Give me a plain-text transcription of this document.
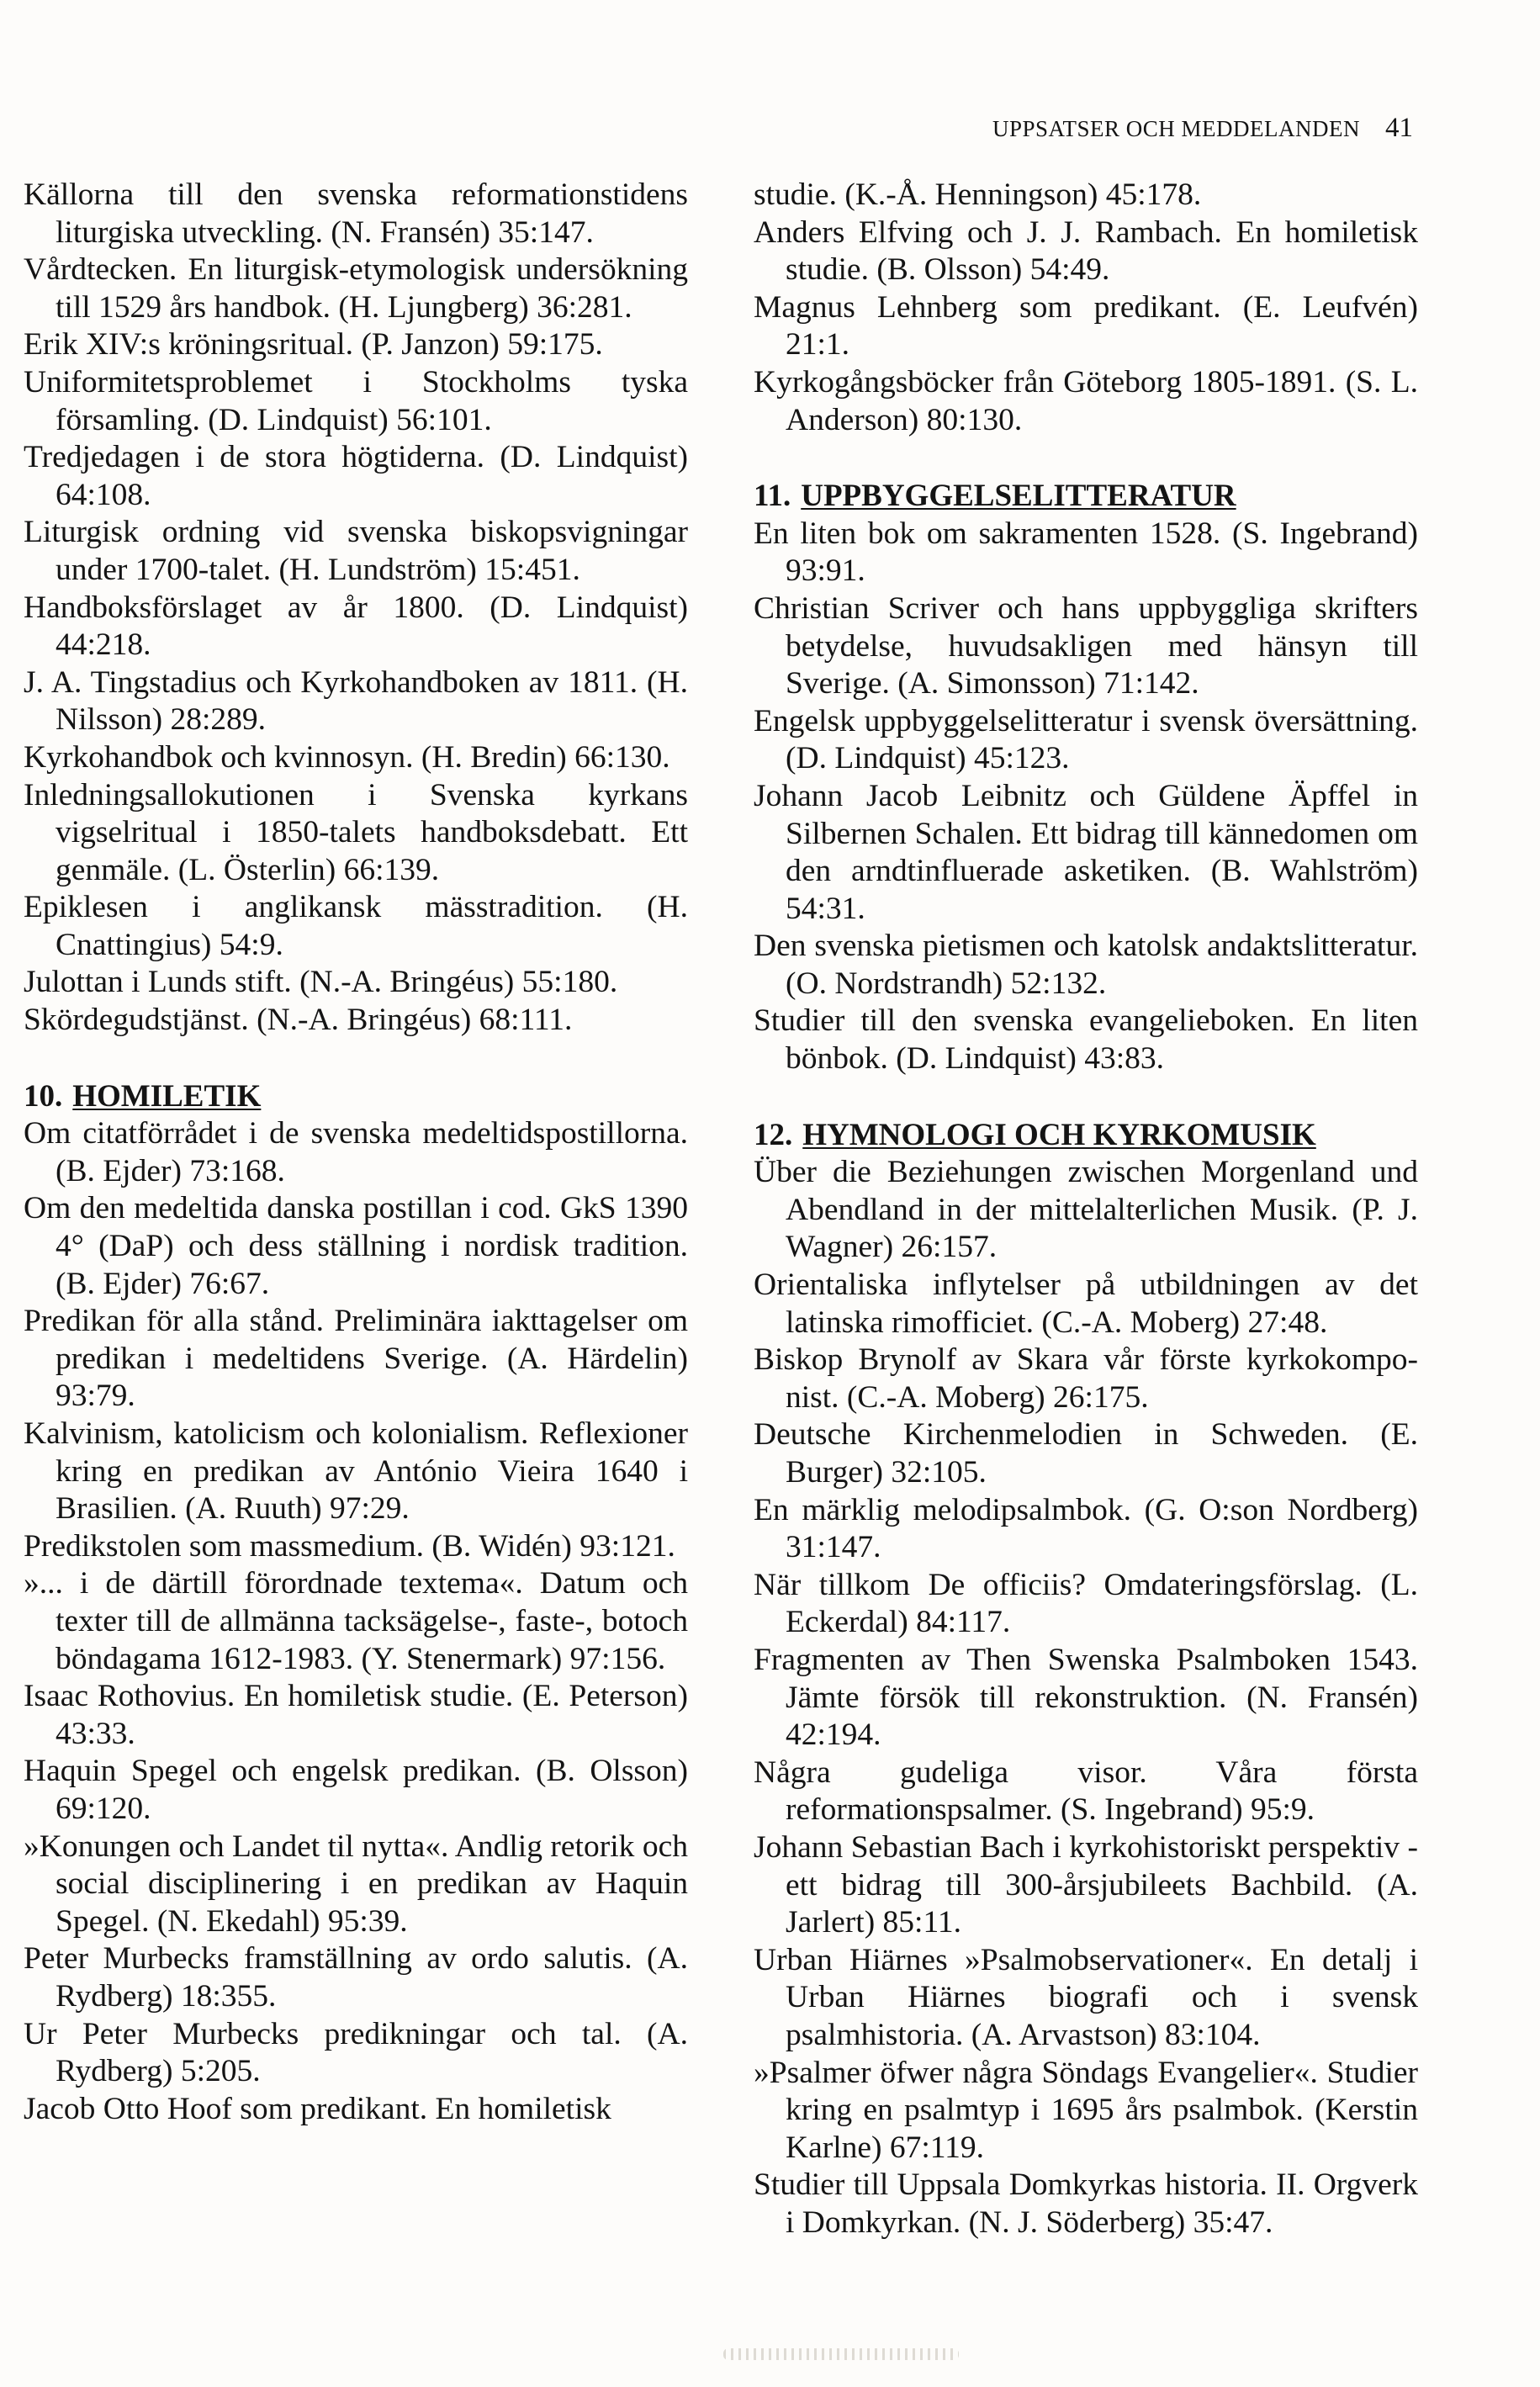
UPPSATSER OCH MEDDELANDEN 41

Källorna till den svenska reformationstidens liturgiska utveckling. (N. Fransén) 35:147.

Vårdtecken. En liturgisk-etymologisk undersökning till 1529 års handbok. (H. Ljungberg) 36:281.

Erik XIV:s kröningsritual. (P. Janzon) 59:175.

Uniformitetsproblemet i Stockholms tyska församling. (D. Lindquist) 56:101.

Tredjedagen i de stora högtiderna. (D. Lindquist) 64:108.

Liturgisk ordning vid svenska biskopsvigningar under 1700-talet. (H. Lundström) 15:451.

Handboksförslaget av år 1800. (D. Lindquist) 44:218.

J. A. Tingstadius och Kyrkohandboken av 1811. (H. Nilsson) 28:289.

Kyrkohandbok och kvinnosyn. (H. Bredin) 66:130.

Inledningsallokutionen i Svenska kyrkans vigselritual i 1850-talets handboksdebatt. Ett genmäle. (L. Österlin) 66:139.

Epiklesen i anglikansk mässtradition. (H. Cnattingius) 54:9.

Julottan i Lunds stift. (N.-A. Bringéus) 55:180.

Skördegudstjänst. (N.-A. Bringéus) 68:111.

10. HOMILETIK

Om citatförrådet i de svenska medeltidspostillorna. (B. Ejder) 73:168.

Om den medeltida danska postillan i cod. GkS 1390 4° (DaP) och dess ställning i nordisk tradition. (B. Ejder) 76:67.

Predikan för alla stånd. Preliminära iakttagelser om predikan i medeltidens Sverige. (A. Härdelin) 93:79.

Kalvinism, katolicism och kolonialism. Reflexioner kring en predikan av António Vieira 1640 i Brasilien. (A. Ruuth) 97:29.

Predikstolen som massmedium. (B. Widén) 93:121.

»... i de därtill förordnade textema«. Datum och texter till de allmänna tacksägelse-, faste-, botoch böndagama 1612-1983. (Y. Stenermark) 97:156.

Isaac Rothovius. En homiletisk studie. (E. Peterson) 43:33.

Haquin Spegel och engelsk predikan. (B. Olsson) 69:120.

»Konungen och Landet til nytta«. Andlig retorik och social disciplinering i en predikan av Haquin Spegel. (N. Ekedahl) 95:39.

Peter Murbecks framställning av ordo salutis. (A. Rydberg) 18:355.

Ur Peter Murbecks predikningar och tal. (A. Rydberg) 5:205.

Jacob Otto Hoof som predikant. En homiletisk

studie. (K.-Å. Henningson) 45:178.

Anders Elfving och J. J. Rambach. En homiletisk studie. (B. Olsson) 54:49.

Magnus Lehnberg som predikant. (E. Leufvén) 21:1.

Kyrkogångsböcker från Göteborg 1805-1891. (S. L. Anderson) 80:130.

11. UPPBYGGELSELITTERATUR

En liten bok om sakramenten 1528. (S. Ingebrand) 93:91.

Christian Scriver och hans uppbyggliga skrifters betydelse, huvudsakligen med hänsyn till Sverige. (A. Simonsson) 71:142.

Engelsk uppbyggelselitteratur i svensk översättning. (D. Lindquist) 45:123.

Johann Jacob Leibnitz och Güldene Äpffel in Silbernen Schalen. Ett bidrag till kännedomen om den arndtinfluerade asketiken. (B. Wahlström) 54:31.

Den svenska pietismen och katolsk andaktslitteratur. (O. Nordstrandh) 52:132.

Studier till den svenska evangelieboken. En liten bönbok. (D. Lindquist) 43:83.

12. HYMNOLOGI OCH KYRKOMUSIK

Über die Beziehungen zwischen Morgenland und Abendland in der mittelalterlichen Musik. (P. J. Wagner) 26:157.

Orientaliska inflytelser på utbildningen av det latinska rimofficiet. (C.-A. Moberg) 27:48.

Biskop Brynolf av Skara vår förste kyrkokompo-nist. (C.-A. Moberg) 26:175.

Deutsche Kirchenmelodien in Schweden. (E. Burger) 32:105.

En märklig melodipsalmbok. (G. O:son Nordberg) 31:147.

När tillkom De officiis? Omdateringsförslag. (L. Eckerdal) 84:117.

Fragmenten av Then Swenska Psalmboken 1543. Jämte försök till rekonstruktion. (N. Fransén) 42:194.

Några gudeliga visor. Våra första reformationspsalmer. (S. Ingebrand) 95:9.

Johann Sebastian Bach i kyrkohistoriskt perspektiv - ett bidrag till 300-årsjubileets Bachbild. (A. Jarlert) 85:11.

Urban Hiärnes »Psalmobservationer«. En detalj i Urban Hiärnes biografi och i svensk psalmhistoria. (A. Arvastson) 83:104.

»Psalmer öfwer några Söndags Evangelier«. Studier kring en psalmtyp i 1695 års psalmbok. (Kerstin Karlne) 67:119.

Studier till Uppsala Domkyrkas historia. II. Orgverk i Domkyrkan. (N. J. Söderberg) 35:47.
